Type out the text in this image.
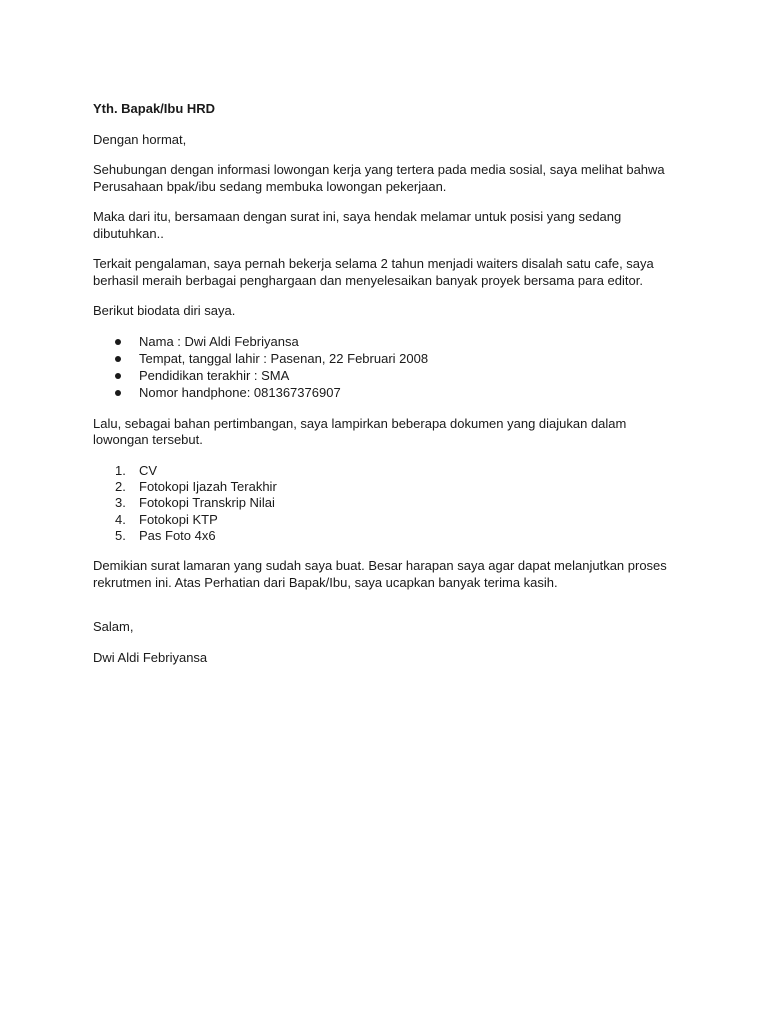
Yth. Bapak/Ibu HRD

Dengan hormat,

Sehubungan dengan informasi lowongan kerja yang tertera pada media sosial, saya melihat bahwa Perusahaan bpak/ibu sedang membuka lowongan pekerjaan.

Maka dari itu, bersamaan dengan surat ini, saya hendak melamar untuk posisi yang sedang dibutuhkan..

Terkait pengalaman, saya pernah bekerja selama 2 tahun menjadi waiters disalah satu cafe, saya berhasil meraih berbagai penghargaan dan menyelesaikan banyak proyek bersama para editor.

Berikut biodata diri saya.

Nama : Dwi Aldi Febriyansa
Tempat, tanggal lahir : Pasenan, 22 Februari 2008
Pendidikan terakhir : SMA
Nomor handphone: 081367376907

Lalu, sebagai bahan pertimbangan, saya lampirkan beberapa dokumen yang diajukan dalam lowongan tersebut.

1. CV
2. Fotokopi Ijazah Terakhir
3. Fotokopi Transkrip Nilai
4. Fotokopi KTP
5. Pas Foto 4x6

Demikian surat lamaran yang sudah saya buat. Besar harapan saya agar dapat melanjutkan proses rekrutmen ini. Atas Perhatian dari Bapak/Ibu, saya ucapkan banyak terima kasih.

Salam,

Dwi Aldi Febriyansa
